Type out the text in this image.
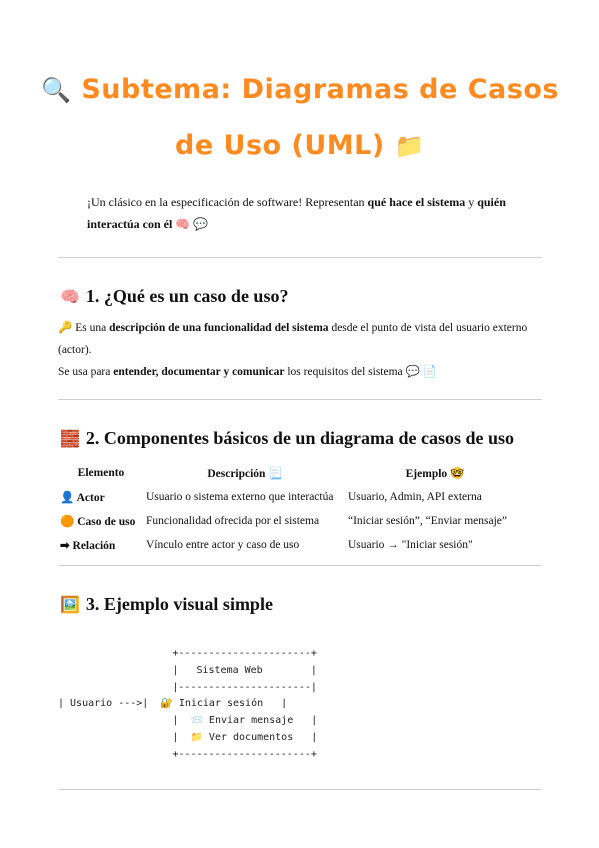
🔍 Subtema: Diagramas de Casos de Uso (UML) 📁
¡Un clásico en la especificación de software! Representan qué hace el sistema y quién interactúa con él 🧠 💬
🧠 1. ¿Qué es un caso de uso?
🔑 Es una descripción de una funcionalidad del sistema desde el punto de vista del usuario externo (actor).
Se usa para entender, documentar y comunicar los requisitos del sistema 💬 📄
🧱 2. Componentes básicos de un diagrama de casos de uso
Elemento	Descripción 📃	Ejemplo 🤓
👤 Actor	Usuario o sistema externo que interactúa	Usuario, Admin, API externa
🟠 Caso de uso	Funcionalidad ofrecida por el sistema	“Iniciar sesión”, “Enviar mensaje”
➡ Relación	Vínculo entre actor y caso de uso	Usuario → "Iniciar sesión"
🖼️ 3. Ejemplo visual simple
+----------------------+
|   Sistema Web        |
|----------------------|
| Usuario --->|  🔐 Iniciar sesión   |
|  📨 Enviar mensaje   |
|  📁 Ver documentos   |
+----------------------+
